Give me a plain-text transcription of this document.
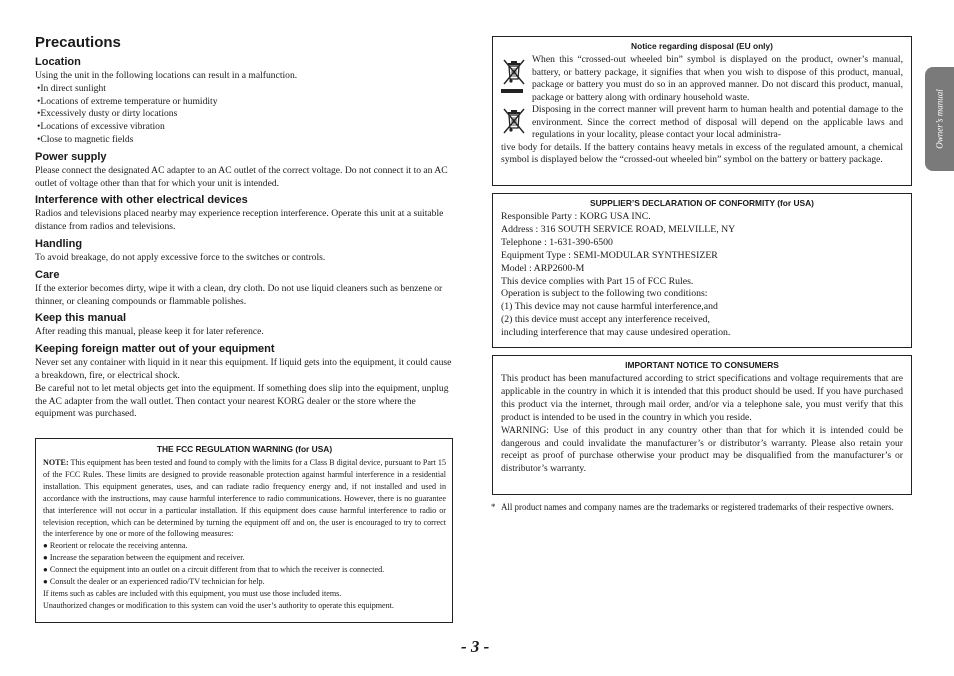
Precautions
Location

Using the unit in the following locations can result in a malfunction.

•In direct sunlight

•Locations of extreme temperature or humidity

•Excessively dusty or dirty locations

•Locations of excessive vibration

•Close to magnetic fields

Power supply

Please connect the designated AC adapter to an AC outlet of the correct voltage. Do not connect it to an AC outlet of voltage other than that for which your unit is intended.

Interference with other electrical devices

Radios and televisions placed nearby may experience reception interference. Operate this unit at a suitable distance from radios and televisions.

Handling

To avoid breakage, do not apply excessive force to the switches or controls.

Care

If the exterior becomes dirty, wipe it with a clean, dry cloth. Do not use liquid cleaners such as benzene or thinner, or cleaning compounds or flammable polishes.

Keep this manual

After reading this manual, please keep it for later reference.

Keeping foreign matter out of your equipment

Never set any container with liquid in it near this equipment. If liquid gets into the equipment, it could cause a breakdown, fire, or electrical shock.

Be careful not to let metal objects get into the equipment. If something does slip into the equipment, unplug the AC adapter from the wall outlet. Then contact your nearest KORG dealer or the store where the equipment was purchased.

THE FCC REGULATION WARNING (for USA)

NOTE: This equipment has been tested and found to comply with the limits for a Class B digital device, pursuant to Part 15 of the FCC Rules. These limits are designed to provide reasonable protection against harmful interference in a residential installation. This equipment generates, uses, and can radiate radio frequency energy and, if not installed and used in accordance with the instructions, may cause harmful interference to radio communications. However, there is no guarantee that interference will not occur in a particular installation. If this equipment does cause harmful interference to radio or television reception, which can be determined by turning the equipment off and on, the user is encouraged to try to correct the interference by one or more of the following measures:

● Reorient or relocate the receiving antenna.

● Increase the separation between the equipment and receiver.

● Connect the equipment into an outlet on a circuit different from that to which the receiver is connected.

● Consult the dealer or an experienced radio/TV technician for help.

If items such as cables are included with this equipment, you must use those included items.

Unauthorized changes or modification to this system can void the user’s authority to operate this equipment.

Notice regarding disposal (EU only)

When this “crossed-out wheeled bin” symbol is displayed on the product, owner’s manual, battery, or battery package, it signifies that when you wish to dispose of this product, manual, package or battery you must do so in an approved manner. Do not discard this product, manual, package or battery along with ordinary household waste.

Disposing in the correct manner will prevent harm to human health and potential damage to the environment. Since the correct method of disposal will depend on the applicable laws and regulations in your locality, please contact your local administra-
tive body for details. If the battery contains heavy metals in excess of the regulated amount, a chemical symbol is displayed below the “crossed-out wheeled bin” symbol on the battery or battery package.

SUPPLIER’S DECLARATION OF CONFORMITY (for USA)

Responsible Party : KORG USA INC.

Address : 316 SOUTH SERVICE ROAD, MELVILLE, NY

Telephone : 1-631-390-6500

Equipment Type : SEMI-MODULAR SYNTHESIZER

Model : ARP2600-M

This device complies with Part 15 of FCC Rules.

Operation is subject to the following two conditions:

(1) This device may not cause harmful interference,and

(2) this device must accept any interference received,

including interference that may cause undesired operation.

IMPORTANT NOTICE TO CONSUMERS

This product has been manufactured according to strict specifications and voltage requirements that are applicable in the country in which it is intended that this product should be used. If you have purchased this product via the internet, through mail order, and/or via a telephone sale, you must verify that this product is intended to be used in the country in which you reside.

WARNING: Use of this product in any country other than that for which it is intended could be dangerous and could invalidate the manufacturer’s or distributor’s warranty. Please also retain your receipt as proof of purchase otherwise your product may be disqualified from the manufacturer’s or distributor’s warranty.

* All product names and company names are the trademarks or registered trademarks of their respective owners.
- 3 -
Owner’s manual
